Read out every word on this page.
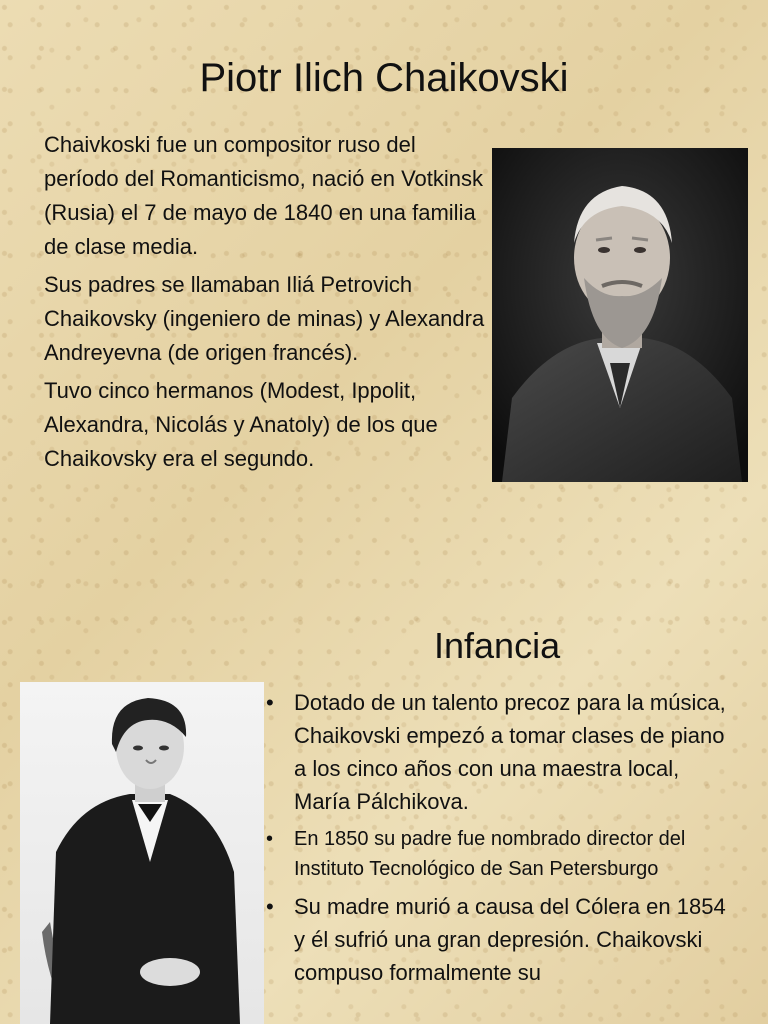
Piotr Ilich Chaikovski

Chaivkoski fue un compositor ruso del período del Romanticismo, nació en Votkinsk (Rusia) el 7 de mayo de 1840 en una familia de clase media.

Sus padres se llamaban Iliá Petrovich Chaikovsky (ingeniero de minas) y Alexandra Andreyevna (de origen francés).

Tuvo cinco hermanos (Modest, Ippolit, Alexandra, Nicolás y Anatoly) de los que Chaikovsky era el segundo.

Infancia
• Dotado de un talento precoz para la música, Chaikovski empezó a tomar clases de piano a los cinco años con una maestra local, María Pálchikova.
• En 1850 su padre fue nombrado director del Instituto Tecnológico de San Petersburgo
• Su madre murió a causa del Cólera en 1854 y él sufrió una gran depresión. Chaikovski compuso formalmente su
